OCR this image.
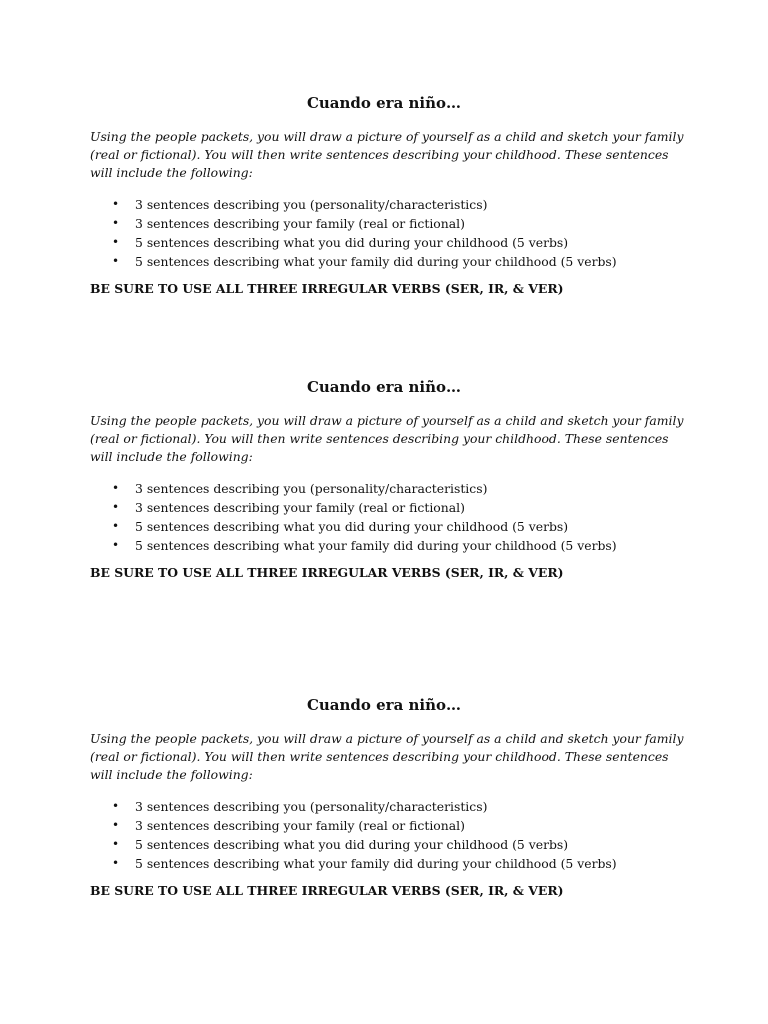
Cuando era niño…

Using the people packets, you will draw a picture of yourself as a child and sketch your family
(real or fictional). You will then write sentences describing your childhood. These sentences
will include the following:

• 3 sentences describing you (personality/characteristics)
• 3 sentences describing your family (real or fictional)
• 5 sentences describing what you did during your childhood (5 verbs)
• 5 sentences describing what your family did during your childhood (5 verbs)

BE SURE TO USE ALL THREE IRREGULAR VERBS (SER, IR, & VER)

Cuando era niño…

Using the people packets, you will draw a picture of yourself as a child and sketch your family
(real or fictional). You will then write sentences describing your childhood. These sentences
will include the following:

• 3 sentences describing you (personality/characteristics)
• 3 sentences describing your family (real or fictional)
• 5 sentences describing what you did during your childhood (5 verbs)
• 5 sentences describing what your family did during your childhood (5 verbs)

BE SURE TO USE ALL THREE IRREGULAR VERBS (SER, IR, & VER)

Cuando era niño…

Using the people packets, you will draw a picture of yourself as a child and sketch your family
(real or fictional). You will then write sentences describing your childhood. These sentences
will include the following:

• 3 sentences describing you (personality/characteristics)
• 3 sentences describing your family (real or fictional)
• 5 sentences describing what you did during your childhood (5 verbs)
• 5 sentences describing what your family did during your childhood (5 verbs)

BE SURE TO USE ALL THREE IRREGULAR VERBS (SER, IR, & VER)
